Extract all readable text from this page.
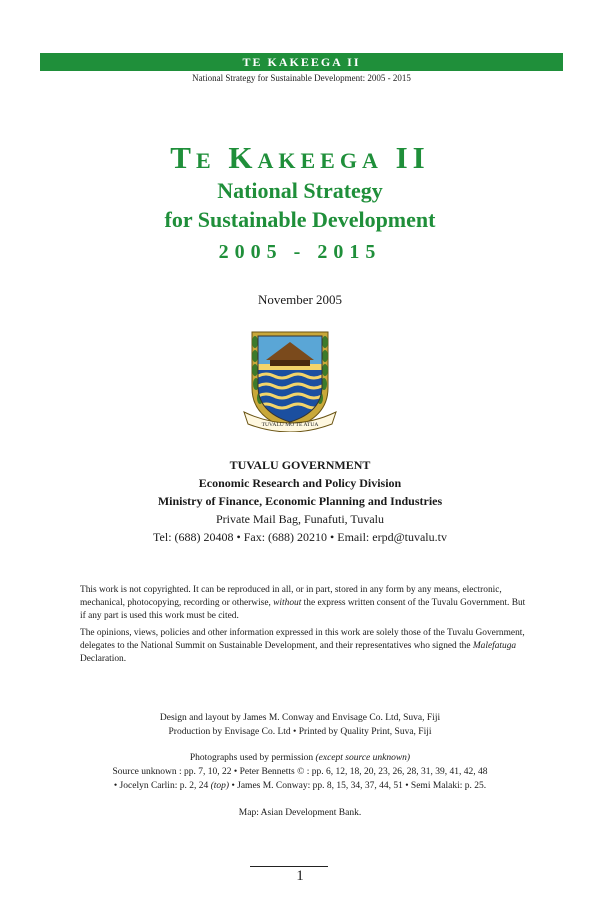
TE KAKEEGA II
National Strategy for Sustainable Development: 2005 - 2015
Te Kakeega II
National Strategy
for Sustainable Development
2005 - 2015
November 2005
TUVALU MO TE ATUA
TUVALU GOVERNMENT
Economic Research and Policy Division
Ministry of Finance, Economic Planning and Industries
Private Mail Bag, Funafuti, Tuvalu
Tel: (688) 20408 • Fax: (688) 20210 • Email: erpd@tuvalu.tv

This work is not copyrighted. It can be reproduced in all, or in part, stored in any form by any means, electronic, mechanical, photocopying, recording or otherwise, without the express written consent of the Tuvalu Government. But if any part is used this work must be cited.

The opinions, views, policies and other information expressed in this work are solely those of the Tuvalu Government, delegates to the National Summit on Sustainable Development, and their representatives who signed the Malefatuga Declaration.

Design and layout by James M. Conway and Envisage Co. Ltd, Suva, Fiji
Production by Envisage Co. Ltd • Printed by Quality Print, Suva, Fiji
Photographs used by permission (except source unknown)
Source unknown : pp. 7, 10, 22 • Peter Bennetts © : pp. 6, 12, 18, 20, 23, 26, 28, 31, 39, 41, 42, 48
• Jocelyn Carlin: p. 2, 24 (top) • James M. Conway: pp. 8, 15, 34, 37, 44, 51 • Semi Malaki: p. 25.
Map: Asian Development Bank.
1
